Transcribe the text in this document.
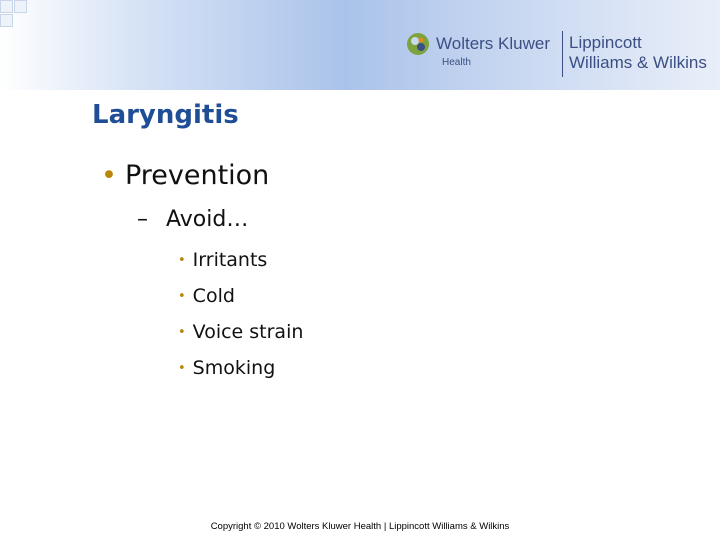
Wolters Kluwer
Health
Lippincott
Williams & Wilkins
Laryngitis
• Prevention
– Avoid…
• Irritants
• Cold
• Voice strain
• Smoking
Copyright © 2010 Wolters Kluwer Health | Lippincott Williams & Wilkins
